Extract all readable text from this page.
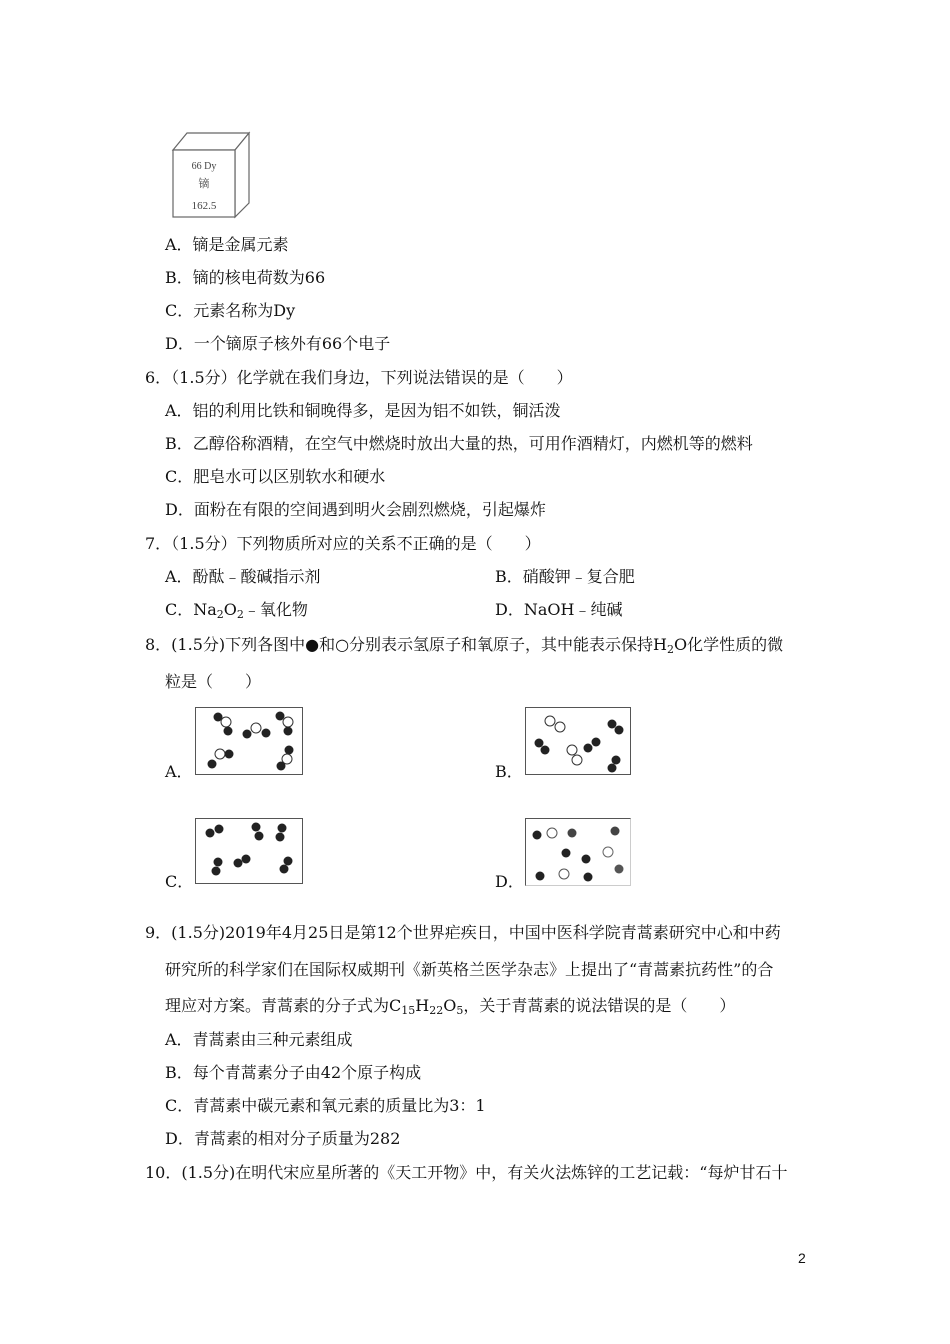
66 Dy
镝
162.5
A．镝是金属元素
B．镝的核电荷数为66
C．元素名称为Dy
D．一个镝原子核外有66个电子
6．（1.5分）化学就在我们身边，下列说法错误的是（　　）
A．铝的利用比铁和铜晚得多，是因为铝不如铁，铜活泼
B．乙醇俗称酒精，在空气中燃烧时放出大量的热，可用作酒精灯，内燃机等的燃料
C．肥皂水可以区别软水和硬水
D．面粉在有限的空间遇到明火会剧烈燃烧，引起爆炸
7．（1.5分）下列物质所对应的关系不正确的是（　　）
A．酚酞﹣酸碱指示剂	B．硝酸钾﹣复合肥
C．Na2O2﹣氧化物	D．NaOH﹣纯碱
8．(1.5分)下列各图中●和○分别表示氢原子和氧原子，其中能表示保持H2O化学性质的微
粒是（　　）
A．	B．
C．	D．
9．(1.5分)2019年4月25日是第12个世界疟疾日，中国中医科学院青蒿素研究中心和中药
研究所的科学家们在国际权威期刊《新英格兰医学杂志》上提出了“青蒿素抗药性”的合
理应对方案。青蒿素的分子式为C15H22O5，关于青蒿素的说法错误的是（　　）
A．青蒿素由三种元素组成
B．每个青蒿素分子由42个原子构成
C．青蒿素中碳元素和氧元素的质量比为3：1
D．青蒿素的相对分子质量为282
10．(1.5分)在明代宋应星所著的《天工开物》中，有关火法炼锌的工艺记载：“每炉甘石十
2
